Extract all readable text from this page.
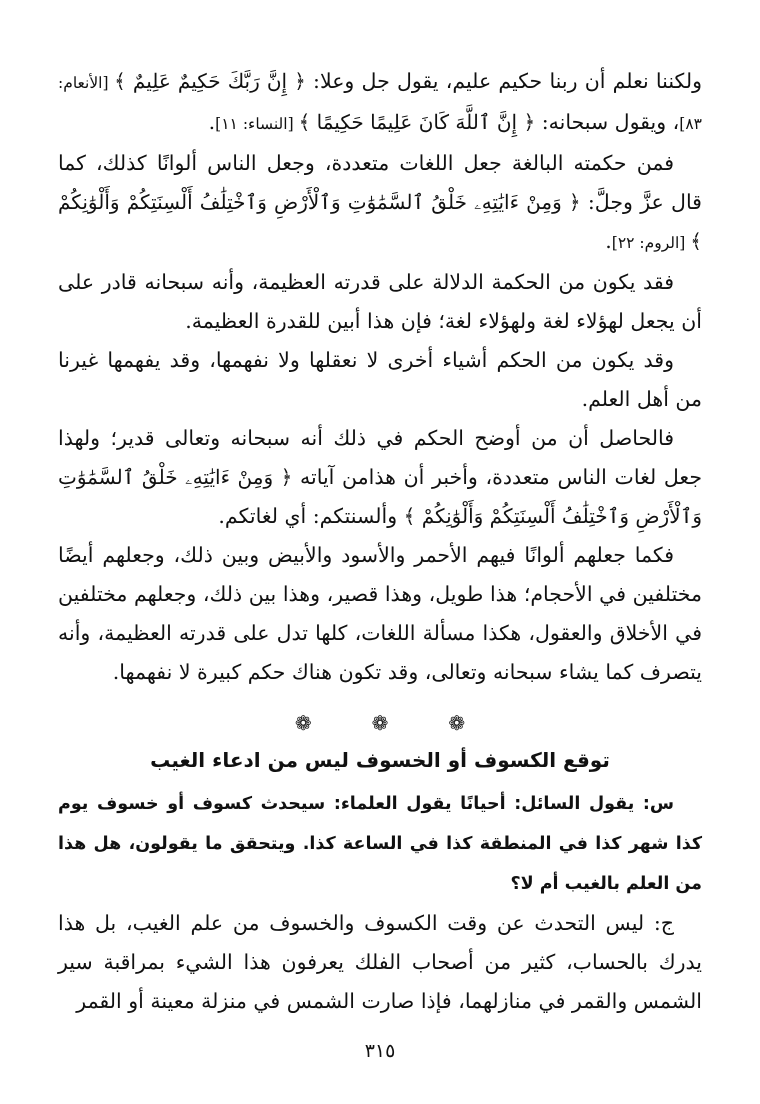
ولكننا نعلم أن ربنا حكيم عليم، يقول جل وعلا: ﴿ إِنَّ رَبَّكَ حَكِيمٌ عَلِيمٌ ﴾ [الأنعام: ٨٣]، ويقول سبحانه: ﴿ إِنَّ ٱللَّهَ كَانَ عَلِيمًا حَكِيمًا ﴾ [النساء: ١١].

فمن حكمته البالغة جعل اللغات متعددة، وجعل الناس ألوانًا كذلك، كما قال عزَّ وجلَّ: ﴿ وَمِنْ ءَايَٰتِهِۦ خَلْقُ ٱلسَّمَٰوَٰتِ وَٱلْأَرْضِ وَٱخْتِلَٰفُ أَلْسِنَتِكُمْ وَأَلْوَٰنِكُمْ ﴾ [الروم: ٢٢].

فقد يكون من الحكمة الدلالة على قدرته العظيمة، وأنه سبحانه قادر على أن يجعل لهؤلاء لغة ولهؤلاء لغة؛ فإن هذا أبين للقدرة العظيمة.

وقد يكون من الحكم أشياء أخرى لا نعقلها ولا نفهمها، وقد يفهمها غيرنا من أهل العلم.

فالحاصل أن من أوضح الحكم في ذلك أنه سبحانه وتعالى قدير؛ ولهذا جعل لغات الناس متعددة، وأخبر أن هذامن آياته ﴿ وَمِنْ ءَايَٰتِهِۦ خَلْقُ ٱلسَّمَٰوَٰتِ وَٱلْأَرْضِ وَٱخْتِلَٰفُ أَلْسِنَتِكُمْ وَأَلْوَٰنِكُمْ ﴾ وألسنتكم: أي لغاتكم.

فكما جعلهم ألوانًا فيهم الأحمر والأسود والأبيض وبين ذلك، وجعلهم أيضًا مختلفين في الأحجام؛ هذا طويل، وهذا قصير، وهذا بين ذلك، وجعلهم مختلفين في الأخلاق والعقول، هكذا مسألة اللغات، كلها تدل على قدرته العظيمة، وأنه يتصرف كما يشاء سبحانه وتعالى، وقد تكون هناك حكم كبيرة لا نفهمها.

❁❁❁
توقع الكسوف أو الخسوف ليس من ادعاء الغيب

س: يقول السائل: أحيانًا يقول العلماء: سيحدث كسوف أو خسوف يوم كذا شهر كذا في المنطقة كذا في الساعة كذا. ويتحقق ما يقولون، هل هذا من العلم بالغيب أم لا؟

ج: ليس التحدث عن وقت الكسوف والخسوف من علم الغيب، بل هذا يدرك بالحساب، كثير من أصحاب الفلك يعرفون هذا الشيء بمراقبة سير الشمس والقمر في منازلهما، فإذا صارت الشمس في منزلة معينة أو القمر

٣١٥
